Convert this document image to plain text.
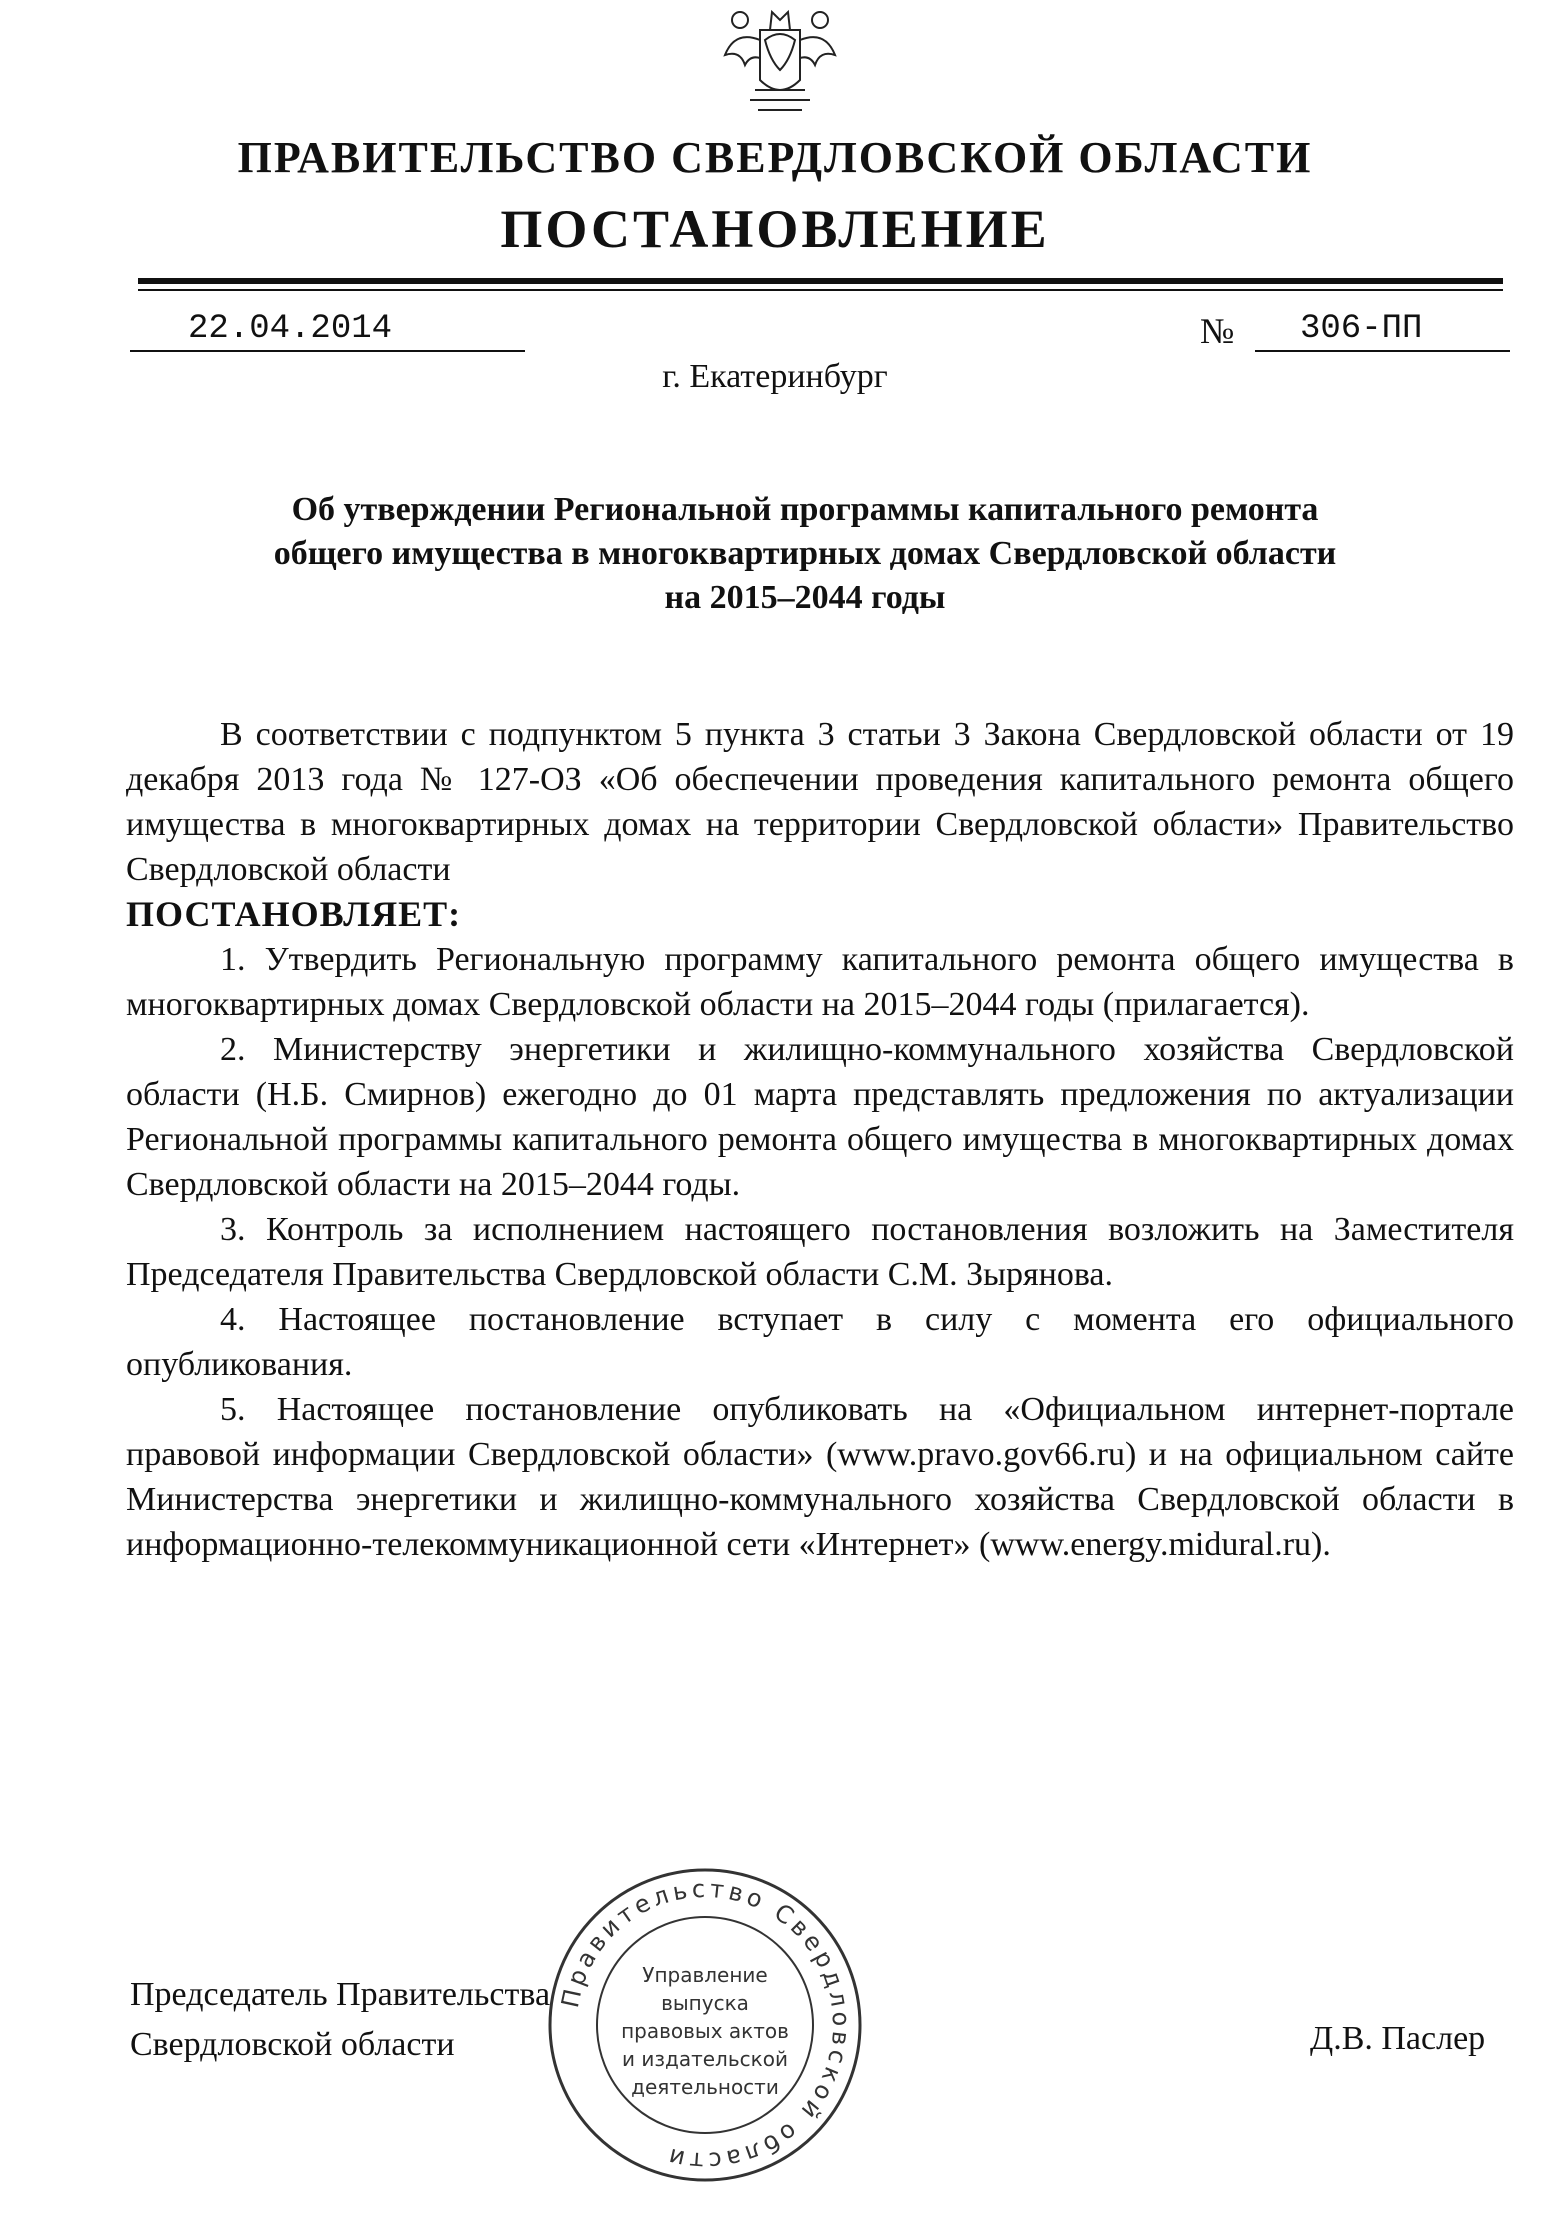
ПРАВИТЕЛЬСТВО СВЕРДЛОВСКОЙ ОБЛАСТИ
ПОСТАНОВЛЕНИЕ
22.04.2014	№ 306-ПП
г. Екатеринбург
Об утверждении Региональной программы капитального ремонта
общего имущества в многоквартирных домах Свердловской области
на 2015–2044 годы

В соответствии с подпунктом 5 пункта 3 статьи 3 Закона Свердловской области от 19 декабря 2013 года № 127-ОЗ «Об обеспечении проведения капитального ремонта общего имущества в многоквартирных домах на территории Свердловской области» Правительство Свердловской области

ПОСТАНОВЛЯЕТ:

1. Утвердить Региональную программу капитального ремонта общего имущества в многоквартирных домах Свердловской области на 2015–2044 годы (прилагается).

2. Министерству энергетики и жилищно-коммунального хозяйства Свердловской области (Н.Б. Смирнов) ежегодно до 01 марта представлять предложения по актуализации Региональной программы капитального ремонта общего имущества в многоквартирных домах Свердловской области на 2015–2044 годы.

3. Контроль за исполнением настоящего постановления возложить на Заместителя Председателя Правительства Свердловской области С.М. Зырянова.

4. Настоящее постановление вступает в силу с момента его официального опубликования.

5. Настоящее постановление опубликовать на «Официальном интернет-портале правовой информации Свердловской области» (www.pravo.gov66.ru) и на официальном сайте Министерства энергетики и жилищно-коммунального хозяйства Свердловской области в информационно-телекоммуникационной сети «Интернет» (www.energy.midural.ru).

Председатель Правительства
Свердловской области	Д.В. Паслер
Правительство Свердловской области
Управление
выпуска
правовых актов
и издательской
деятельности
